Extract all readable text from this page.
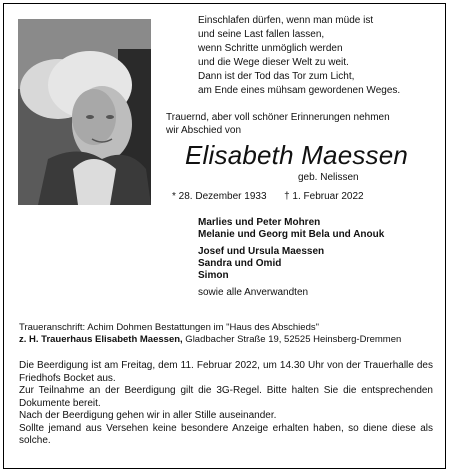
Einschlafen dürfen, wenn man müde ist
und seine Last fallen lassen,
wenn Schritte unmöglich werden
und die Wege dieser Welt zu weit.
Dann ist der Tod das Tor zum Licht,
am Ende eines mühsam gewordenen Weges.
Trauernd, aber voll schöner Erinnerungen nehmen
wir Abschied von
Elisabeth Maessen
geb. Nelissen
* 28. Dezember 1933 † 1. Februar 2022
Marlies und Peter Mohren
Melanie und Georg mit Bela und Anouk
Josef und Ursula Maessen
Sandra und Omid
Simon
sowie alle Anverwandten
Traueranschrift: Achim Dohmen Bestattungen im "Haus des Abschieds"
z. H. Trauerhaus Elisabeth Maessen, Gladbacher Straße 19, 52525 Heinsberg-Dremmen

Die Beerdigung ist am Freitag, dem 11. Februar 2022, um 14.30 Uhr von der Trauerhalle des Friedhofs Bocket aus.

Zur Teilnahme an der Beerdigung gilt die 3G-Regel. Bitte halten Sie die entsprechenden Dokumente bereit.

Nach der Beerdigung gehen wir in aller Stille auseinander.

Sollte jemand aus Versehen keine besondere Anzeige erhalten haben, so diene diese als solche.
